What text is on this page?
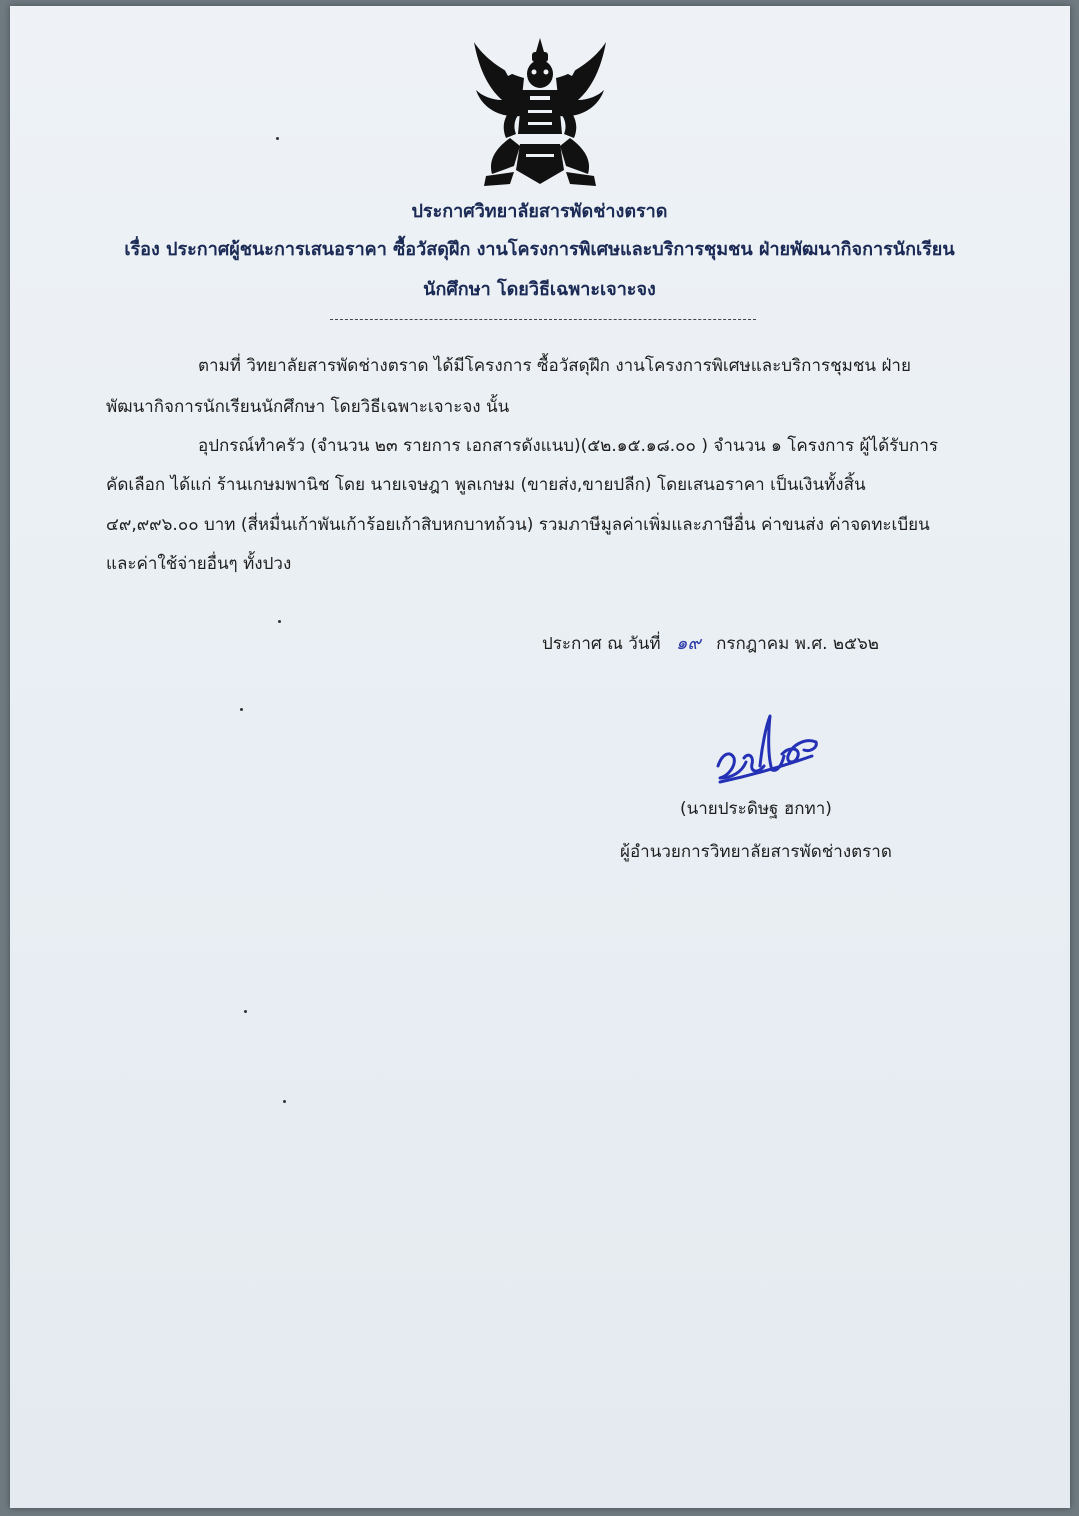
ประกาศวิทยาลัยสารพัดช่างตราด
เรื่อง ประกาศผู้ชนะการเสนอราคา ซื้อวัสดุฝึก งานโครงการพิเศษและบริการชุมชน ฝ่ายพัฒนากิจการนักเรียน
นักศึกษา โดยวิธีเฉพาะเจาะจง
ตามที่ วิทยาลัยสารพัดช่างตราด ได้มีโครงการ ซื้อวัสดุฝึก งานโครงการพิเศษและบริการชุมชน ฝ่าย
พัฒนากิจการนักเรียนนักศึกษา โดยวิธีเฉพาะเจาะจง นั้น
อุปกรณ์ทำครัว (จำนวน ๒๓ รายการ เอกสารดังแนบ)(๕๒.๑๕.๑๘.๐๐ ) จำนวน ๑ โครงการ ผู้ได้รับการ
คัดเลือก ได้แก่ ร้านเกษมพานิช โดย นายเจษฎา พูลเกษม (ขายส่ง,ขายปลีก) โดยเสนอราคา เป็นเงินทั้งสิ้น
๔๙,๙๙๖.๐๐ บาท (สี่หมื่นเก้าพันเก้าร้อยเก้าสิบหกบาทถ้วน) รวมภาษีมูลค่าเพิ่มและภาษีอื่น ค่าขนส่ง ค่าจดทะเบียน
และค่าใช้จ่ายอื่นๆ ทั้งปวง
ประกาศ ณ วันที่ ๑๙ กรกฎาคม พ.ศ. ๒๕๖๒
(นายประดิษฐ ฮกทา)
ผู้อำนวยการวิทยาลัยสารพัดช่างตราด
